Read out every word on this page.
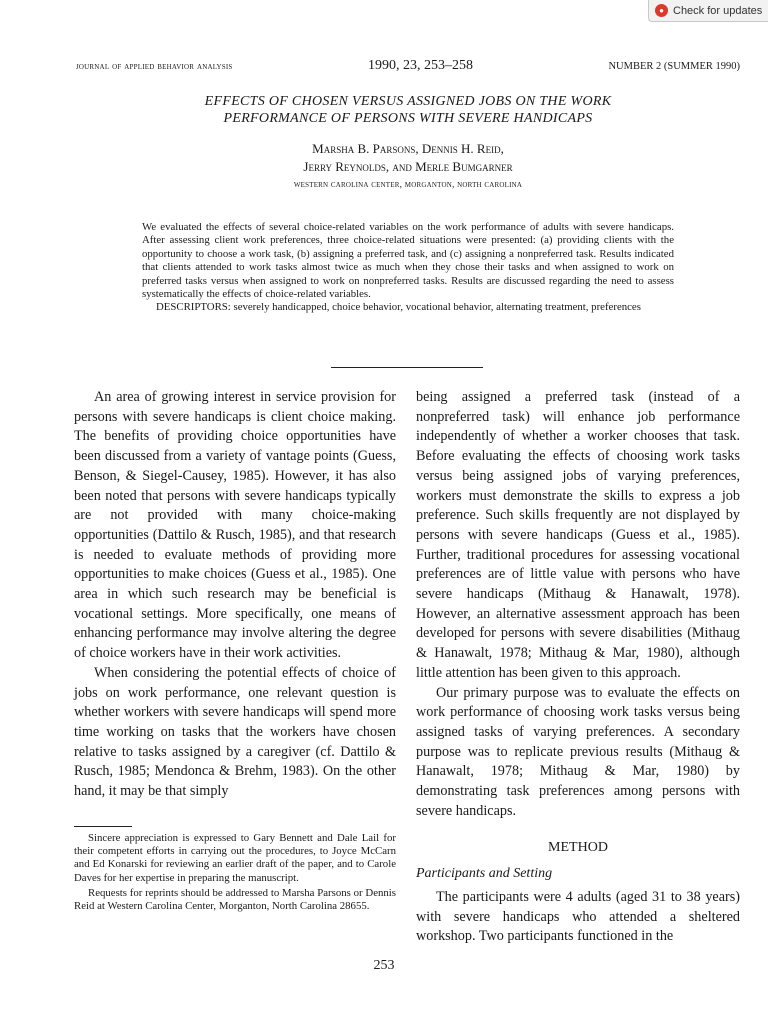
● Check for updates
journal of applied behavior analysis	1990, 23, 253–258	NUMBER 2 (SUMMER 1990)
EFFECTS OF CHOSEN VERSUS ASSIGNED JOBS ON THE WORK
PERFORMANCE OF PERSONS WITH SEVERE HANDICAPS
Marsha B. Parsons, Dennis H. Reid,
Jerry Reynolds, and Merle Bumgarner
western carolina center, morganton, north carolina

We evaluated the effects of several choice-related variables on the work performance of adults with severe handicaps. After assessing client work preferences, three choice-related situations were presented: (a) providing clients with the opportunity to choose a work task, (b) assigning a preferred task, and (c) assigning a nonpreferred task. Results indicated that clients attended to work tasks almost twice as much when they chose their tasks and when assigned to work on preferred tasks versus when assigned to work on nonpreferred tasks. Results are discussed regarding the need to assess systematically the effects of choice-related variables.

DESCRIPTORS: severely handicapped, choice behavior, vocational behavior, alternating treatment, preferences

An area of growing interest in service provision for persons with severe handicaps is client choice making. The benefits of providing choice opportunities have been discussed from a variety of vantage points (Guess, Benson, & Siegel-Causey, 1985). However, it has also been noted that persons with severe handicaps typically are not provided with many choice-making opportunities (Dattilo & Rusch, 1985), and that research is needed to evaluate methods of providing more opportunities to make choices (Guess et al., 1985). One area in which such research may be beneficial is vocational settings. More specifically, one means of enhancing performance may involve altering the degree of choice workers have in their work activities.

When considering the potential effects of choice of jobs on work performance, one relevant question is whether workers with severe handicaps will spend more time working on tasks that the workers have chosen relative to tasks assigned by a caregiver (cf. Dattilo & Rusch, 1985; Mendonca & Brehm, 1983). On the other hand, it may be that simply

being assigned a preferred task (instead of a nonpreferred task) will enhance job performance independently of whether a worker chooses that task. Before evaluating the effects of choosing work tasks versus being assigned jobs of varying preferences, workers must demonstrate the skills to express a job preference. Such skills frequently are not displayed by persons with severe handicaps (Guess et al., 1985). Further, traditional procedures for assessing vocational preferences are of little value with persons who have severe handicaps (Mithaug & Hanawalt, 1978). However, an alternative assessment approach has been developed for persons with severe disabilities (Mithaug & Hanawalt, 1978; Mithaug & Mar, 1980), although little attention has been given to this approach.

Our primary purpose was to evaluate the effects on work performance of choosing work tasks versus being assigned tasks of varying preferences. A secondary purpose was to replicate previous results (Mithaug & Hanawalt, 1978; Mithaug & Mar, 1980) by demonstrating task preferences among persons with severe handicaps.

METHOD
Participants and Setting

The participants were 4 adults (aged 31 to 38 years) with severe handicaps who attended a sheltered workshop. Two participants functioned in the

Sincere appreciation is expressed to Gary Bennett and Dale Lail for their competent efforts in carrying out the procedures, to Joyce McCarn and Ed Konarski for reviewing an earlier draft of the paper, and to Carole Daves for her expertise in preparing the manuscript.

Requests for reprints should be addressed to Marsha Parsons or Dennis Reid at Western Carolina Center, Morganton, North Carolina 28655.

253
